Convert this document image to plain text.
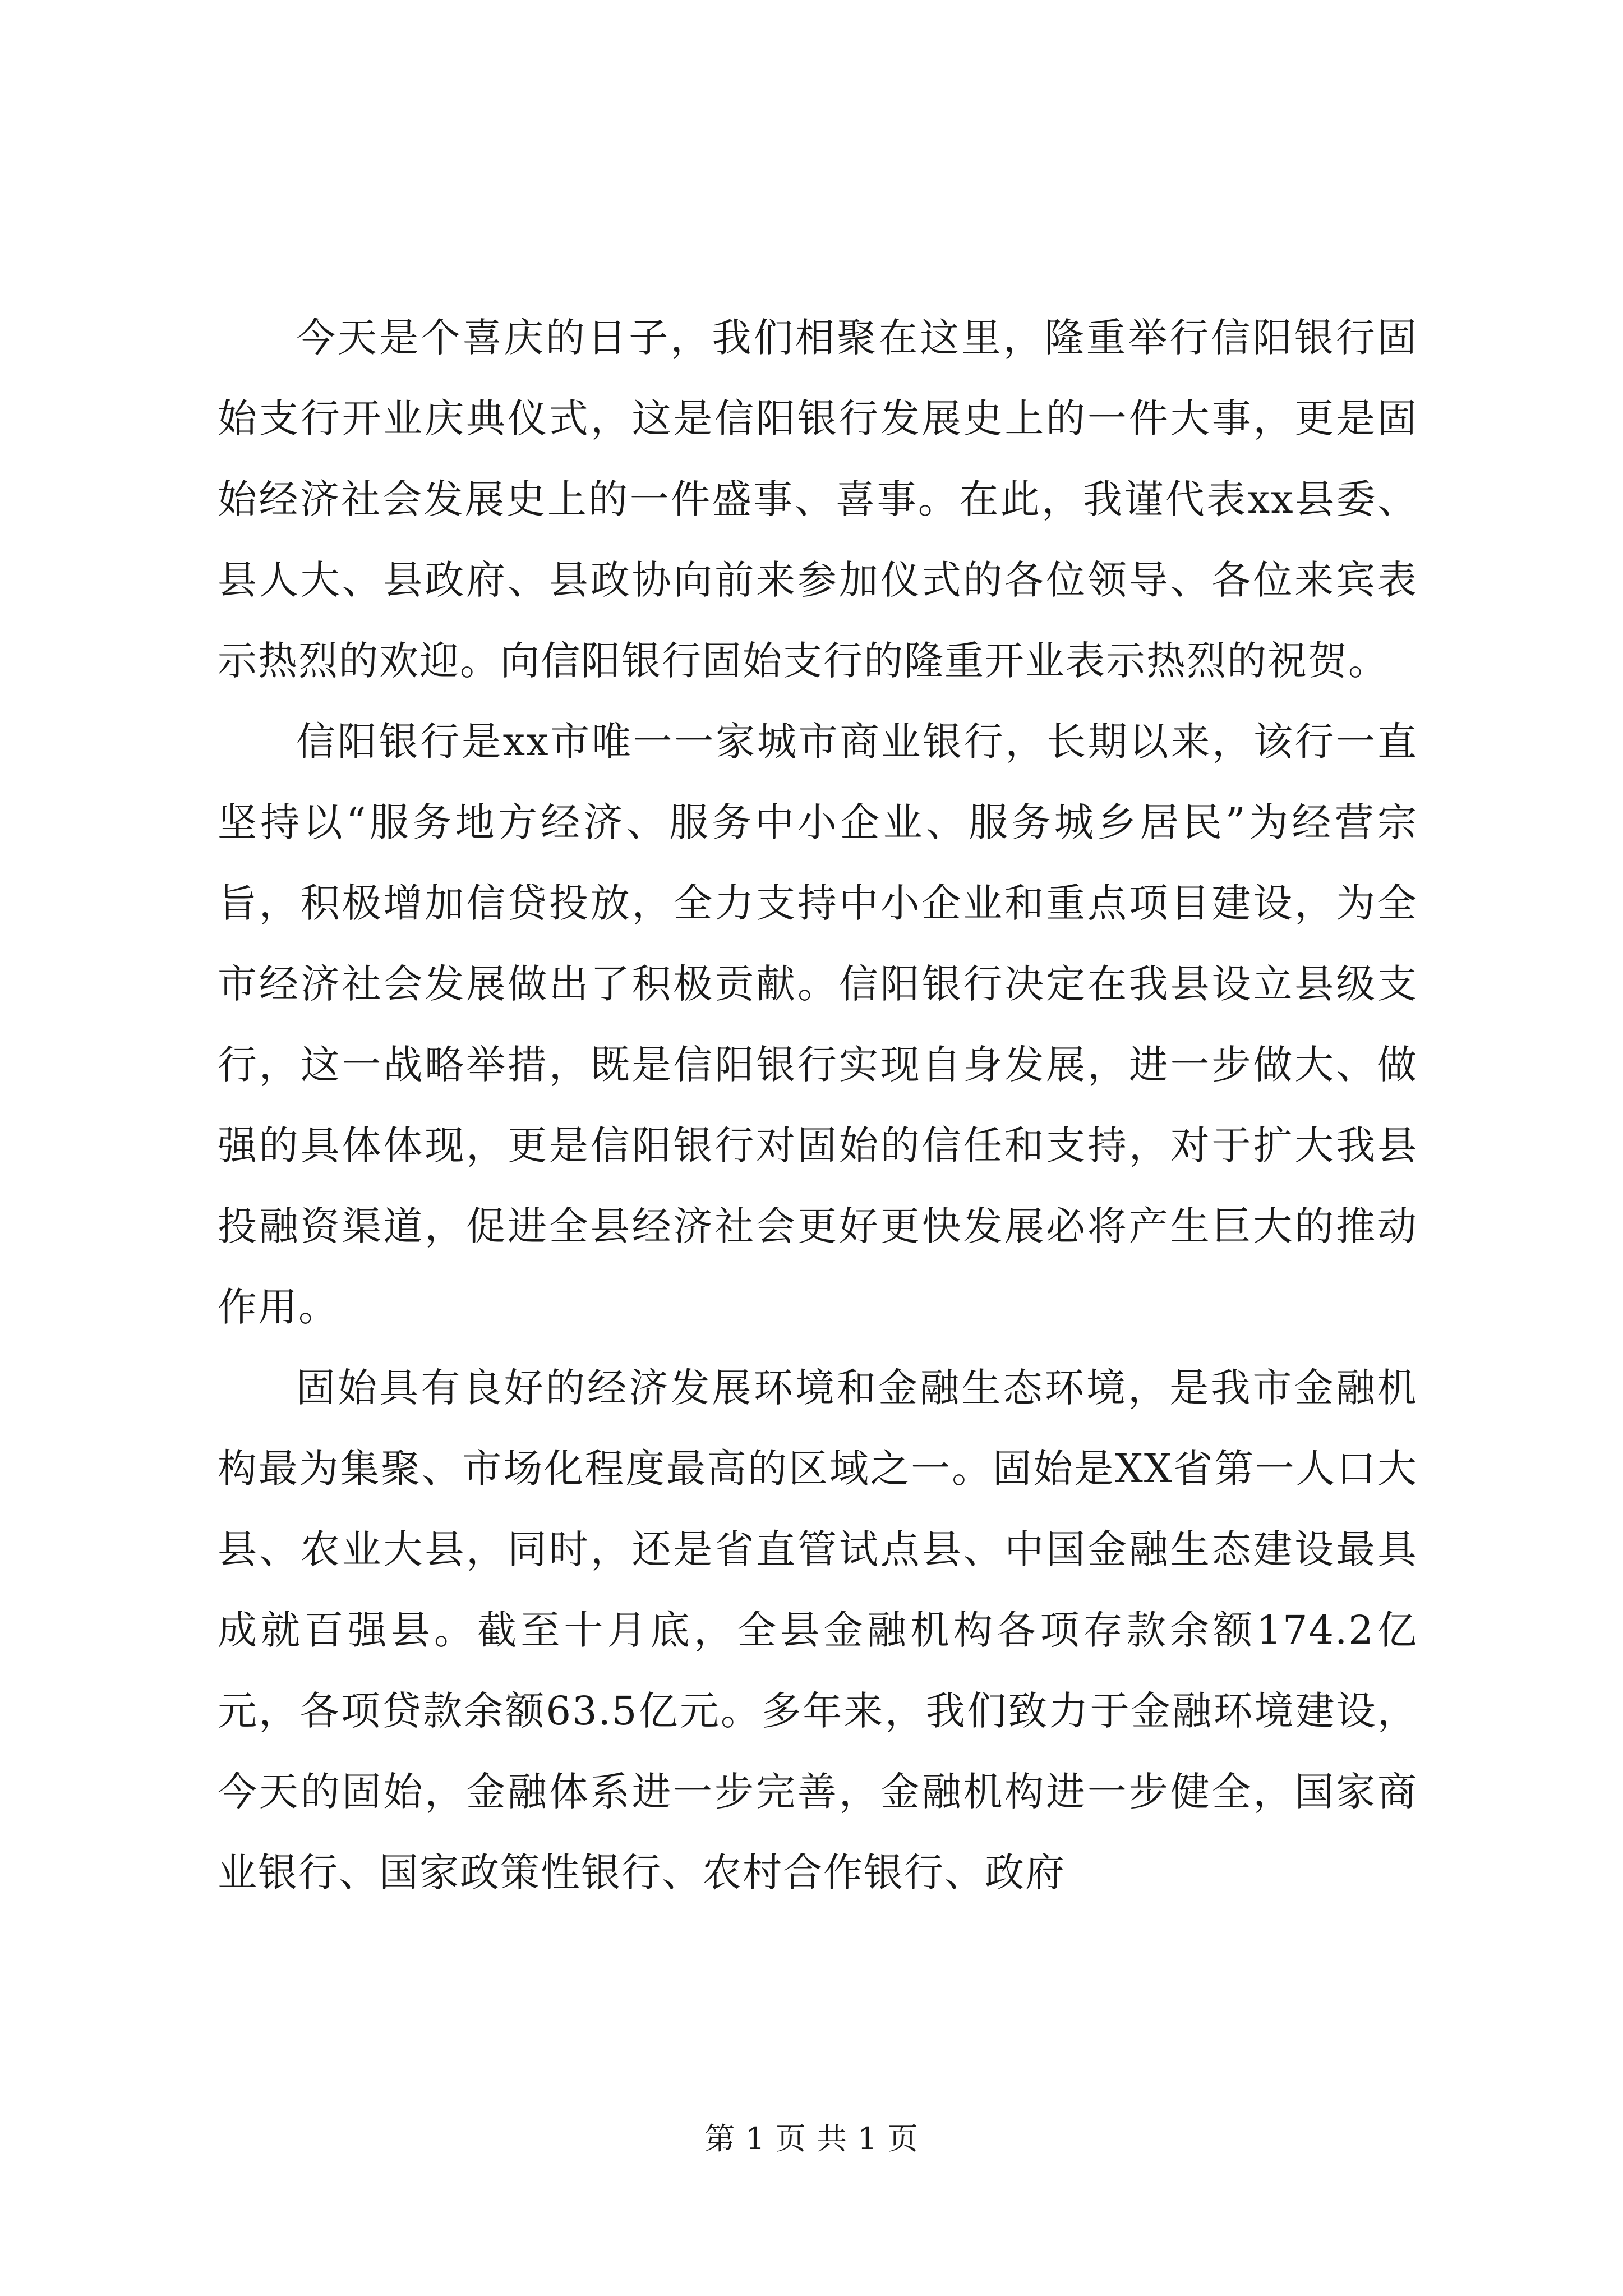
今天是个喜庆的日子，我们相聚在这里，隆重举行信阳银行固始支行开业庆典仪式，这是信阳银行发展史上的一件大事，更是固始经济社会发展史上的一件盛事、喜事。在此，我谨代表xx县委、县人大、县政府、县政协向前来参加仪式的各位领导、各位来宾表示热烈的欢迎。向信阳银行固始支行的隆重开业表示热烈的祝贺。

信阳银行是xx市唯一一家城市商业银行，长期以来，该行一直坚持以“服务地方经济、服务中小企业、服务城乡居民”为经营宗旨，积极增加信贷投放，全力支持中小企业和重点项目建设，为全市经济社会发展做出了积极贡献。信阳银行决定在我县设立县级支行，这一战略举措，既是信阳银行实现自身发展，进一步做大、做强的具体体现，更是信阳银行对固始的信任和支持，对于扩大我县投融资渠道，促进全县经济社会更好更快发展必将产生巨大的推动作用。

固始具有良好的经济发展环境和金融生态环境，是我市金融机构最为集聚、市场化程度最高的区域之一。固始是XX省第一人口大县、农业大县，同时，还是省直管试点县、中国金融生态建设最具成就百强县。截至十月底，全县金融机构各项存款余额174.2亿元，各项贷款余额63.5亿元。多年来，我们致力于金融环境建设，今天的固始，金融体系进一步完善，金融机构进一步健全，国家商业银行、国家政策性银行、农村合作银行、政府

第 1 页 共 1 页
